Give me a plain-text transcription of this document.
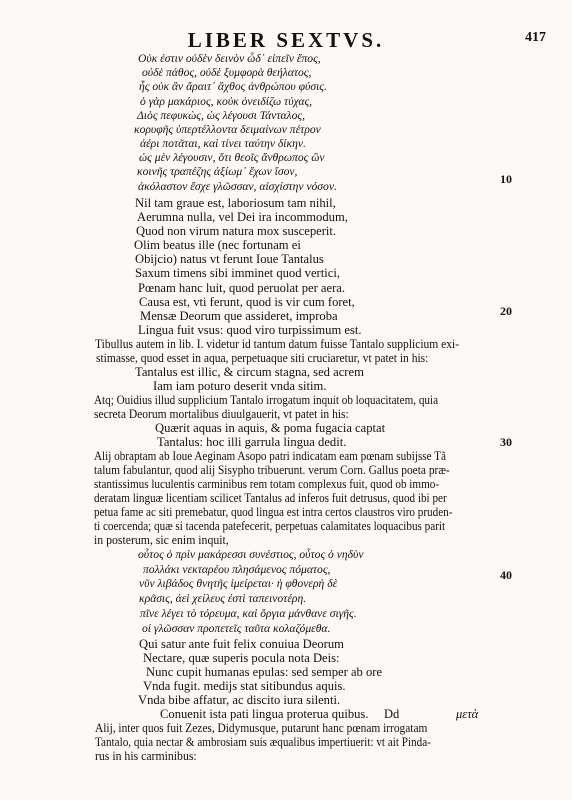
LIBER SEXTVS.	417
Οὐκ ἐστιν οὐδὲν δεινὸν ὧδ᾽ εἰπεῖν ἔπος,
οὐδὲ πάθος, οὐδὲ ξυμφορὰ θεήλατος,
ἧς οὐκ ἂν ἄραιτ᾽ ἄχθος ἀνθρώπου φύσις.
ὁ γὰρ μακάριος, κοὐκ ὀνειδίζω τύχας,
Διὸς πεφυκὼς, ὡς λέγουσι Τάνταλος,
κορυφῆς ὑπερτέλλοντα δειμαίνων πέτρον
ἀέρι ποτᾶται, καὶ τίνει ταύτην δίκην.
ὡς μὲν λέγουσιν, ὅτι θεοῖς ἄνθρωπος ὢν
κοινῆς τραπέζης ἀξίωμ᾽ ἔχων ἴσον,
ἀκόλαστον ἔσχε γλῶσσαν, αἰσχίστην νόσον.
Nil tam graue est, laboriosum tam nihil,
Aerumna nulla, vel Dei ira incommodum,
Quod non virum natura mox susceperit.
Olim beatus ille (nec fortunam ei
Obijcio) natus vt ferunt Ioue Tantalus
Saxum timens sibi imminet quod vertici,
Pœnam hanc luit, quod peruolat per aera.
Causa est, vti ferunt, quod is vir cum foret,
Mensæ Deorum que assideret, improba
Lingua fuit vsus: quod viro turpissimum est.
Tibullus autem in lib. I. videtur id tantum datum fuisse Tantalo supplicium exi-
stimasse, quod esset in aqua, perpetuaque siti cruciaretur, vt patet in his:
Tantalus est illic, & circum stagna, sed acrem
Iam iam poturo deserit vnda sitim.
Atq; Ouidius illud supplicium Tantalo irrogatum inquit ob loquacitatem, quia
secreta Deorum mortalibus diuulgauerit, vt patet in his:
Quærit aquas in aquis, & poma fugacia captat
Tantalus: hoc illi garrula lingua dedit.
Alij obraptam ab Ioue Aeginam Asopo patri indicatam eam pœnam subijsse Tã
talum fabulantur, quod alij Sisypho tribuerunt. verum Corn. Gallus poeta præ-
stantissimus luculentis carminibus rem totam complexus fuit, quod ob immo-
deratam linguæ licentiam scilicet Tantalus ad inferos fuit detrusus, quod ibi per
petua fame ac siti premebatur, quod lingua est intra certos claustros viro pruden-
ti coercenda; quæ si tacenda patefecerit, perpetuas calamitates loquacibus parit
in posterum, sic enim inquit,
οὗτος ὁ πρὶν μακάρεσσι συνέστιος, οὗτος ὁ νηδὺν
πολλάκι νεκταρέου πλησάμενος πόματος,
νῦν λιβάδος θνητῆς ἱμείρεται· ἡ φθονερὴ δὲ
κρᾶσις, ἀεὶ χείλευς ἐστὶ ταπεινοτέρη.
πῖνε λέγει τὸ τόρευμα, καὶ ὄργια μάνθανε σιγῆς.
οἱ γλῶσσαν προπετεῖς ταῦτα κολαζόμεθα.
Qui satur ante fuit felix conuiua Deorum
Nectare, quæ superis pocula nota Deis:
Nunc cupit humanas epulas: sed semper ab ore
Vnda fugit. medijs stat sitibundus aquis.
Vnda bibe affatur, ac discito iura silenti.
Conuenit ista pati lingua proterua quibus.
Alij, inter quos fuit Zezes, Didymusque, putarunt hanc pœnam irrogatam
Tantalo, quia nectar & ambrosiam suis æqualibus impertiuerit: vt ait Pinda-
rus in his carminibus:
10
20
30
40
Dd	μετὰ
